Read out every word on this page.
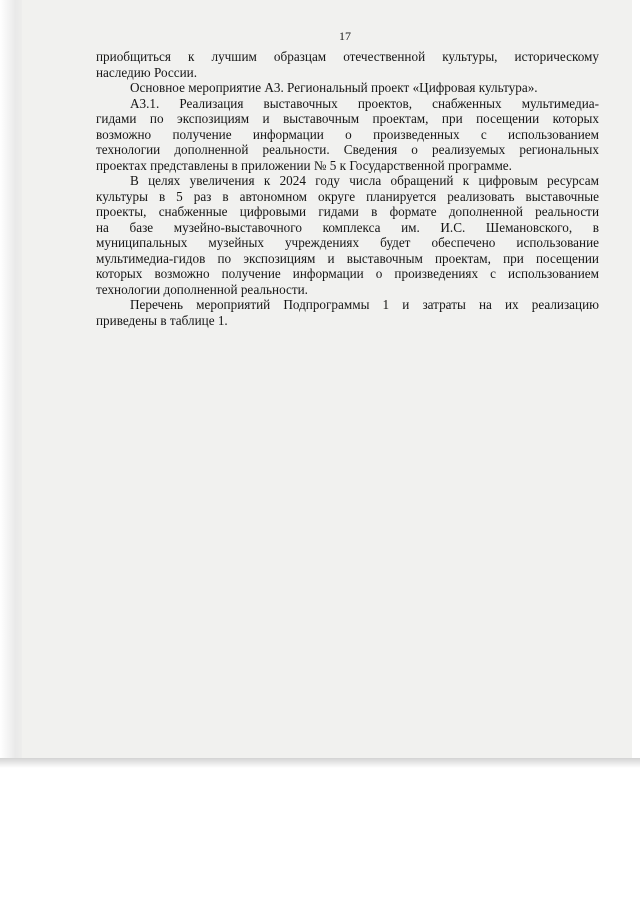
17
приобщиться к лучшим образцам отечественной культуры, историческому
наследию России.
Основное мероприятие А3. Региональный проект «Цифровая культура».
А3.1. Реализация выставочных проектов, снабженных мультимедиа-
гидами по экспозициям и выставочным проектам, при посещении которых
возможно получение информации о произведенных с использованием
технологии дополненной реальности. Сведения о реализуемых региональных
проектах представлены в приложении № 5 к Государственной программе.
В целях увеличения к 2024 году числа обращений к цифровым ресурсам
культуры в 5 раз в автономном округе планируется реализовать выставочные
проекты, снабженные цифровыми гидами в формате дополненной реальности
на базе музейно-выставочного комплекса им. И.С. Шемановского, в
муниципальных музейных учреждениях будет обеспечено использование
мультимедиа-гидов по экспозициям и выставочным проектам, при посещении
которых возможно получение информации о произведениях с использованием
технологии дополненной реальности.
Перечень мероприятий Подпрограммы 1 и затраты на их реализацию
приведены в таблице 1.
